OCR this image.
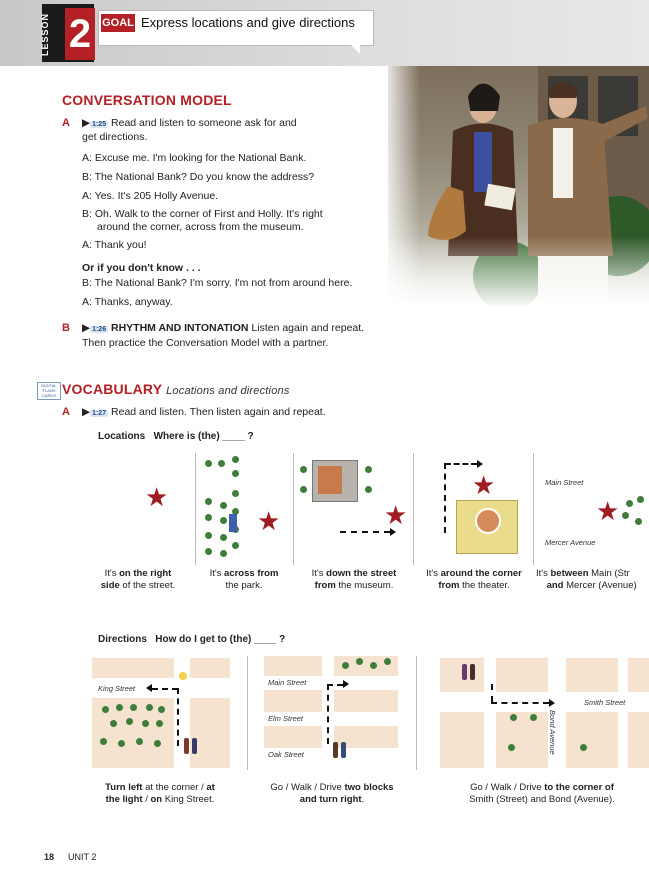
LESSON 2 GOAL Express locations and give directions
CONVERSATION MODEL
A ▶ 1:25 Read and listen to someone ask for and
get directions.
A: Excuse me. I'm looking for the National Bank.
B: The National Bank? Do you know the address?
A: Yes. It's 205 Holly Avenue.
B: Oh. Walk to the corner of First and Holly. It's right
around the corner, across from the museum.
A: Thank you!
Or if you don't know . . .
B: The National Bank? I'm sorry. I'm not from around here.
A: Thanks, anyway.
B ▶ 1:26 RHYTHM AND INTONATION Listen again and repeat.
Then practice the Conversation Model with a partner.
DIGITAL FLASH CARDS VOCABULARY Locations and directions
A ▶ 1:27 Read and listen. Then listen again and repeat.
Locations Where is (the) ____ ?
★
It's on the right
side of the street.
★
It's across from
the park.
★
It's down the street
from the museum.
★
It's around the corner
from the theater.
Main Street
Mercer Avenue
★
It's between Main (Str
and Mercer (Avenue)
Directions How do I get to (the) ____ ?
King Street
Turn left at the corner / at
the light / on King Street.
Main Street
Elm Street
Oak Street
Go / Walk / Drive two blocks
and turn right.
Smith Street
Bond Avenue
Go / Walk / Drive to the corner of
Smith (Street) and Bond (Avenue).
18 UNIT 2
